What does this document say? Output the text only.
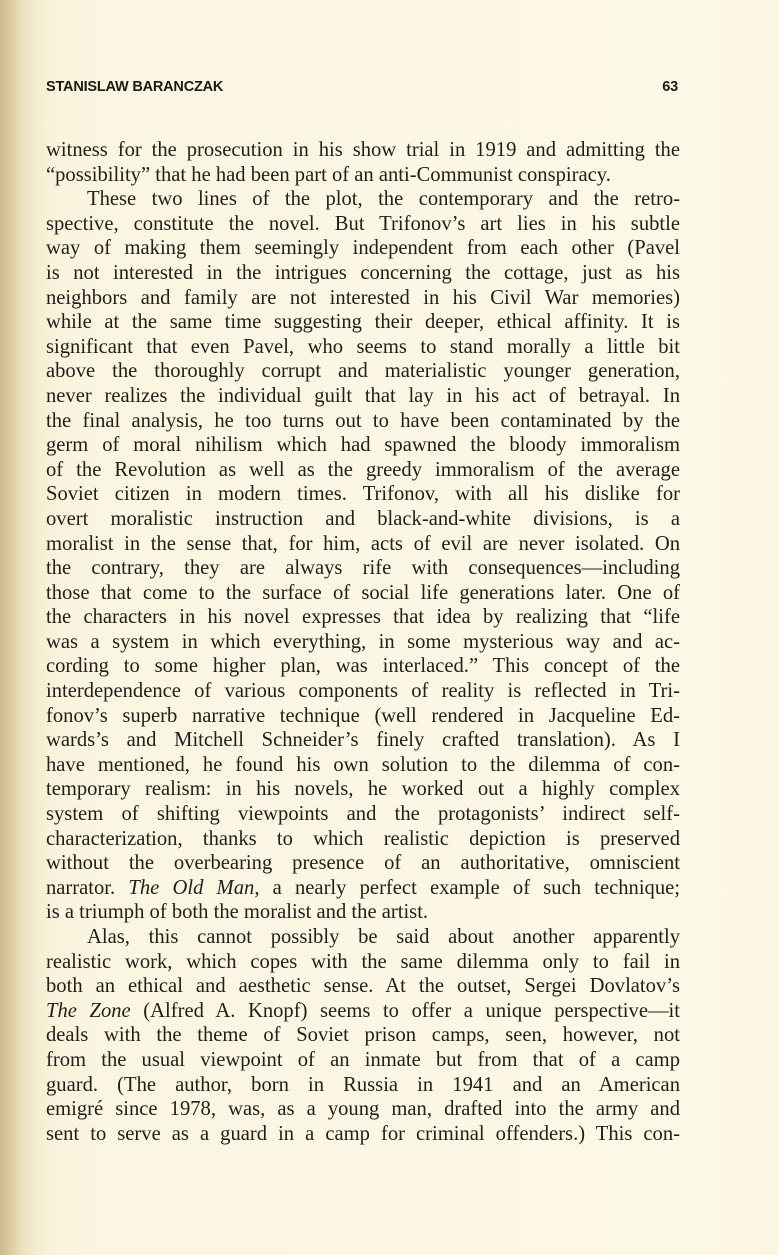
STANISLAW BARANCZAK	63
witness for the prosecution in his show trial in 1919 and admitting the
“possibility” that he had been part of an anti-Communist conspiracy.
These two lines of the plot, the contemporary and the retro-
spective, constitute the novel. But Trifonov’s art lies in his subtle
way of making them seemingly independent from each other (Pavel
is not interested in the intrigues concerning the cottage, just as his
neighbors and family are not interested in his Civil War memories)
while at the same time suggesting their deeper, ethical affinity. It is
significant that even Pavel, who seems to stand morally a little bit
above the thoroughly corrupt and materialistic younger generation,
never realizes the individual guilt that lay in his act of betrayal. In
the final analysis, he too turns out to have been contaminated by the
germ of moral nihilism which had spawned the bloody immoralism
of the Revolution as well as the greedy immoralism of the average
Soviet citizen in modern times. Trifonov, with all his dislike for
overt moralistic instruction and black-and-white divisions, is a
moralist in the sense that, for him, acts of evil are never isolated. On
the contrary, they are always rife with consequences—including
those that come to the surface of social life generations later. One of
the characters in his novel expresses that idea by realizing that “life
was a system in which everything, in some mysterious way and ac-
cording to some higher plan, was interlaced.” This concept of the
interdependence of various components of reality is reflected in Tri-
fonov’s superb narrative technique (well rendered in Jacqueline Ed-
wards’s and Mitchell Schneider’s finely crafted translation). As I
have mentioned, he found his own solution to the dilemma of con-
temporary realism: in his novels, he worked out a highly complex
system of shifting viewpoints and the protagonists’ indirect self-
characterization, thanks to which realistic depiction is preserved
without the overbearing presence of an authoritative, omniscient
narrator. The Old Man, a nearly perfect example of such technique;
is a triumph of both the moralist and the artist.
Alas, this cannot possibly be said about another apparently
realistic work, which copes with the same dilemma only to fail in
both an ethical and aesthetic sense. At the outset, Sergei Dovlatov’s
The Zone (Alfred A. Knopf) seems to offer a unique perspective—it
deals with the theme of Soviet prison camps, seen, however, not
from the usual viewpoint of an inmate but from that of a camp
guard. (The author, born in Russia in 1941 and an American
emigré since 1978, was, as a young man, drafted into the army and
sent to serve as a guard in a camp for criminal offenders.) This con-
